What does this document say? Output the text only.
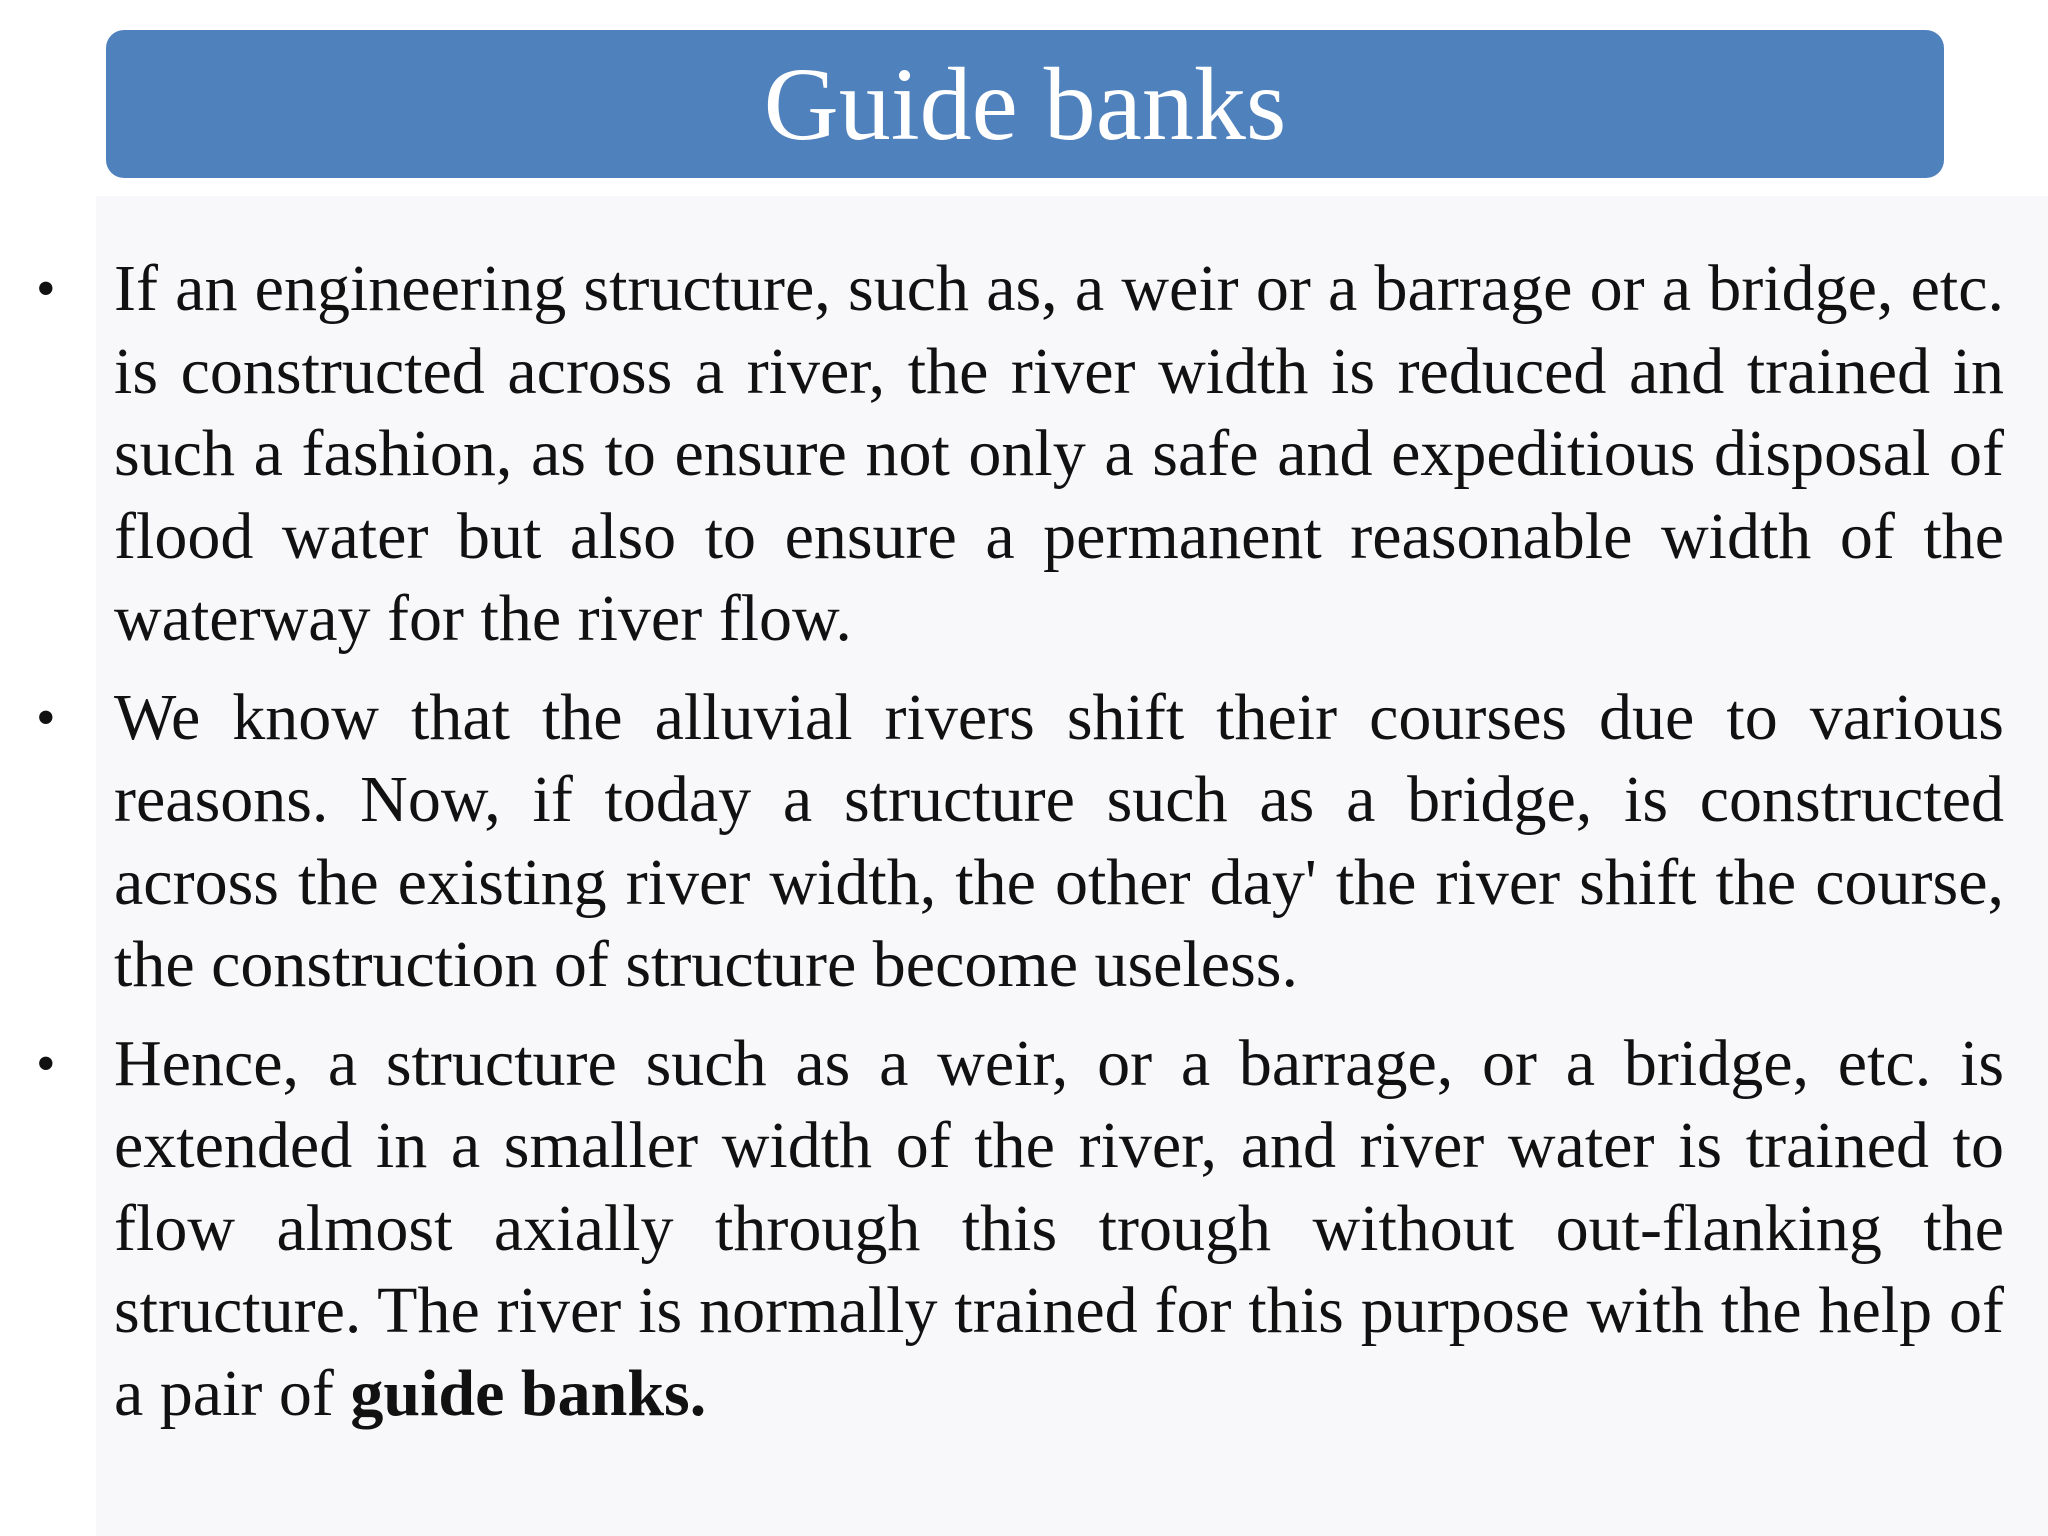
Guide banks
• If an engineering structure, such as, a weir or a barrage or a bridge, etc. is constructed across a river, the river width is reduced and trained in such a fashion, as to ensure not only a safe and expeditious disposal of flood water but also to ensure a permanent reasonable width of the waterway for the river flow.
• We know that the alluvial rivers shift their courses due to various reasons. Now, if today a structure such as a bridge, is constructed across the existing river width, the other day' the river shift the course, the construction of structure become useless.
• Hence, a structure such as a weir, or a barrage, or a bridge, etc. is extended in a smaller width of the river, and river water is trained to flow almost axially through this trough without out-flanking the structure. The river is normally trained for this purpose with the help of a pair of guide banks.
